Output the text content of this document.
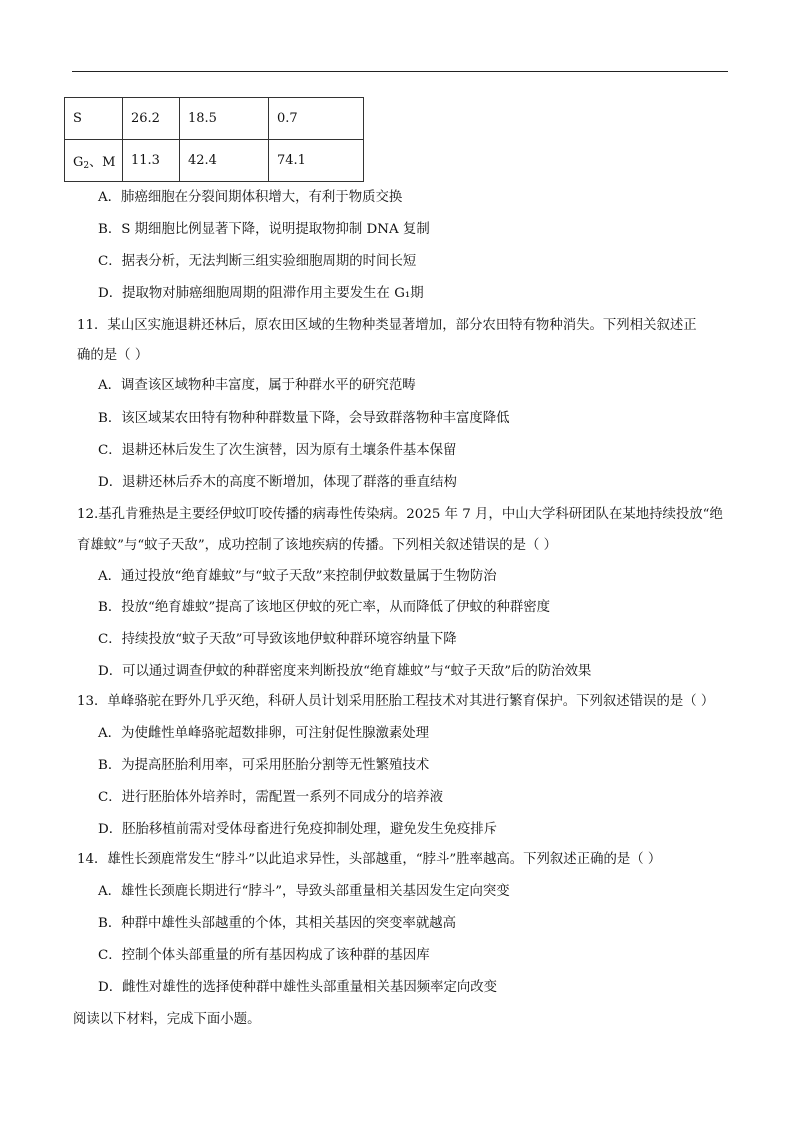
S	26.2	18.5	0.7
$G_2$、M	11.3	42.4	74.1
A．肺癌细胞在分裂间期体积增大，有利于物质交换
B．S 期细胞比例显著下降，说明提取物抑制 DNA 复制
C．据表分析，无法判断三组实验细胞周期的时间长短
D．提取物对肺癌细胞周期的阻滞作用主要发生在 G₁期
11．某山区实施退耕还林后，原农田区域的生物种类显著增加，部分农田特有物种消失。下列相关叙述正
确的是（ ）
A．调查该区域物种丰富度，属于种群水平的研究范畴
B．该区域某农田特有物种种群数量下降，会导致群落物种丰富度降低
C．退耕还林后发生了次生演替，因为原有土壤条件基本保留
D．退耕还林后乔木的高度不断增加，体现了群落的垂直结构
12.基孔肯雅热是主要经伊蚊叮咬传播的病毒性传染病。2025 年 7 月，中山大学科研团队在某地持续投放“绝
育雄蚊”与“蚊子天敌”，成功控制了该地疾病的传播。下列相关叙述错误的是（ ）
A．通过投放“绝育雄蚊”与“蚊子天敌”来控制伊蚊数量属于生物防治
B．投放“绝育雄蚊”提高了该地区伊蚊的死亡率，从而降低了伊蚊的种群密度
C．持续投放“蚊子天敌”可导致该地伊蚊种群环境容纳量下降
D．可以通过调查伊蚊的种群密度来判断投放“绝育雄蚊”与“蚊子天敌”后的防治效果
13．单峰骆驼在野外几乎灭绝，科研人员计划采用胚胎工程技术对其进行繁育保护。下列叙述错误的是（ ）
A．为使雌性单峰骆驼超数排卵，可注射促性腺激素处理
B．为提高胚胎利用率，可采用胚胎分割等无性繁殖技术
C．进行胚胎体外培养时，需配置一系列不同成分的培养液
D．胚胎移植前需对受体母畜进行免疫抑制处理，避免发生免疫排斥
14．雄性长颈鹿常发生“脖斗”以此追求异性，头部越重，“脖斗”胜率越高。下列叙述正确的是（ ）
A．雄性长颈鹿长期进行“脖斗”，导致头部重量相关基因发生定向突变
B．种群中雄性头部越重的个体，其相关基因的突变率就越高
C．控制个体头部重量的所有基因构成了该种群的基因库
D．雌性对雄性的选择使种群中雄性头部重量相关基因频率定向改变
阅读以下材料，完成下面小题。
